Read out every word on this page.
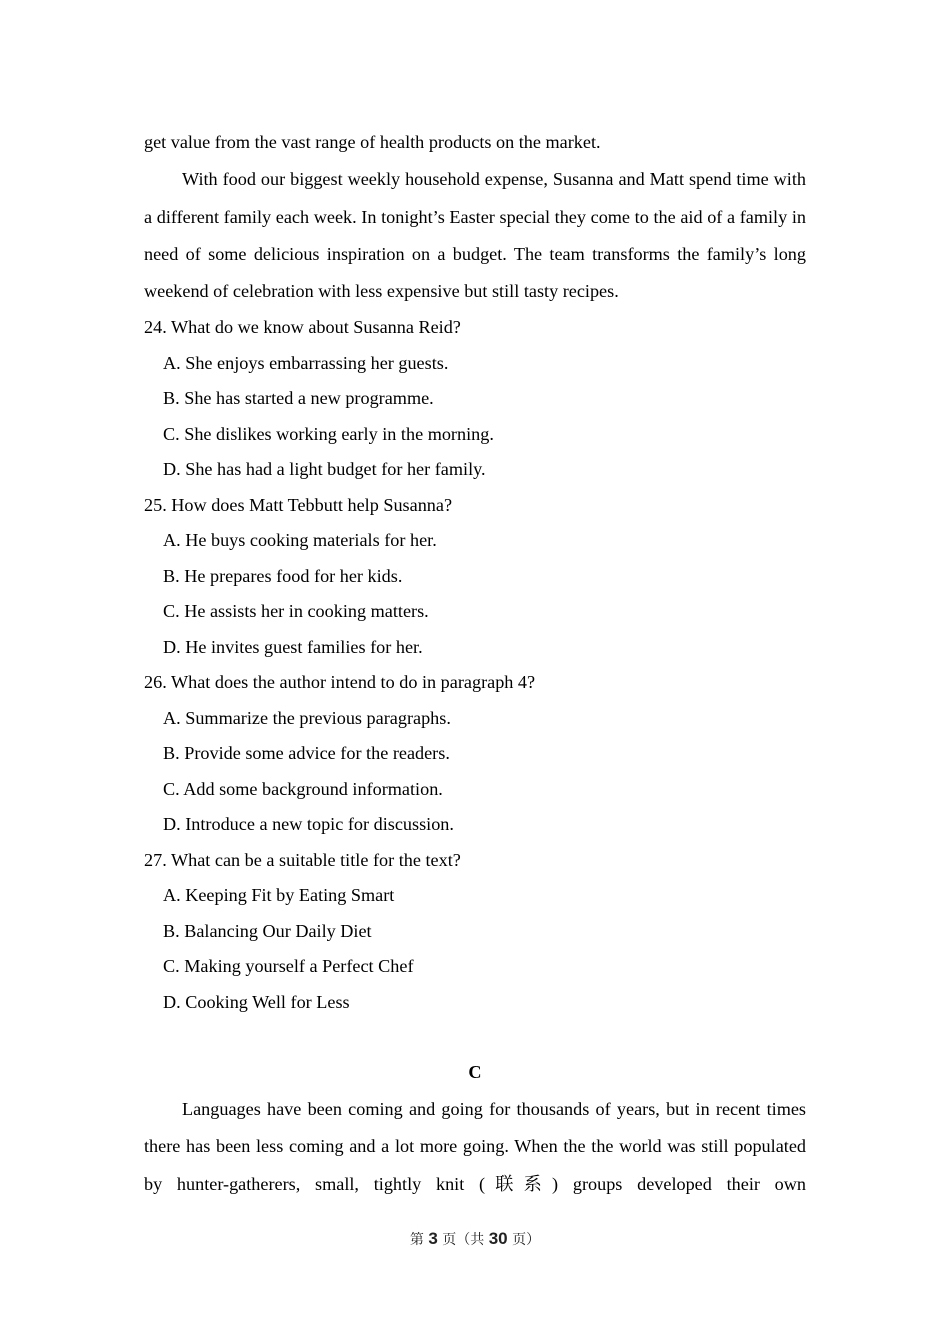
get value from the vast range of health products on the market.

With food our biggest weekly household expense, Susanna and Matt spend time with a different family each week. In tonight’s Easter special they come to the aid of a family in need of some delicious inspiration on a budget. The team transforms the family’s long weekend of celebration with less expensive but still tasty recipes.

24. What do we know about Susanna Reid?

A. She enjoys embarrassing her guests.

B. She has started a new programme.

C. She dislikes working early in the morning.

D. She has had a light budget for her family.

25. How does Matt Tebbutt help Susanna?

A. He buys cooking materials for her.

B. He prepares food for her kids.

C. He assists her in cooking matters.

D. He invites guest families for her.

26. What does the author intend to do in paragraph 4?

A. Summarize the previous paragraphs.

B. Provide some advice for the readers.

C. Add some background information.

D. Introduce a new topic for discussion.

27. What can be a suitable title for the text?

A. Keeping Fit by Eating Smart

B. Balancing Our Daily Diet

C. Making yourself a Perfect Chef

D. Cooking Well for Less

C

Languages have been coming and going for thousands of years, but in recent times there has been less coming and a lot more going. When the the world was still populated by hunter-gatherers, small, tightly knit (联系) groups developed their own

第 3 页（共 30 页）
